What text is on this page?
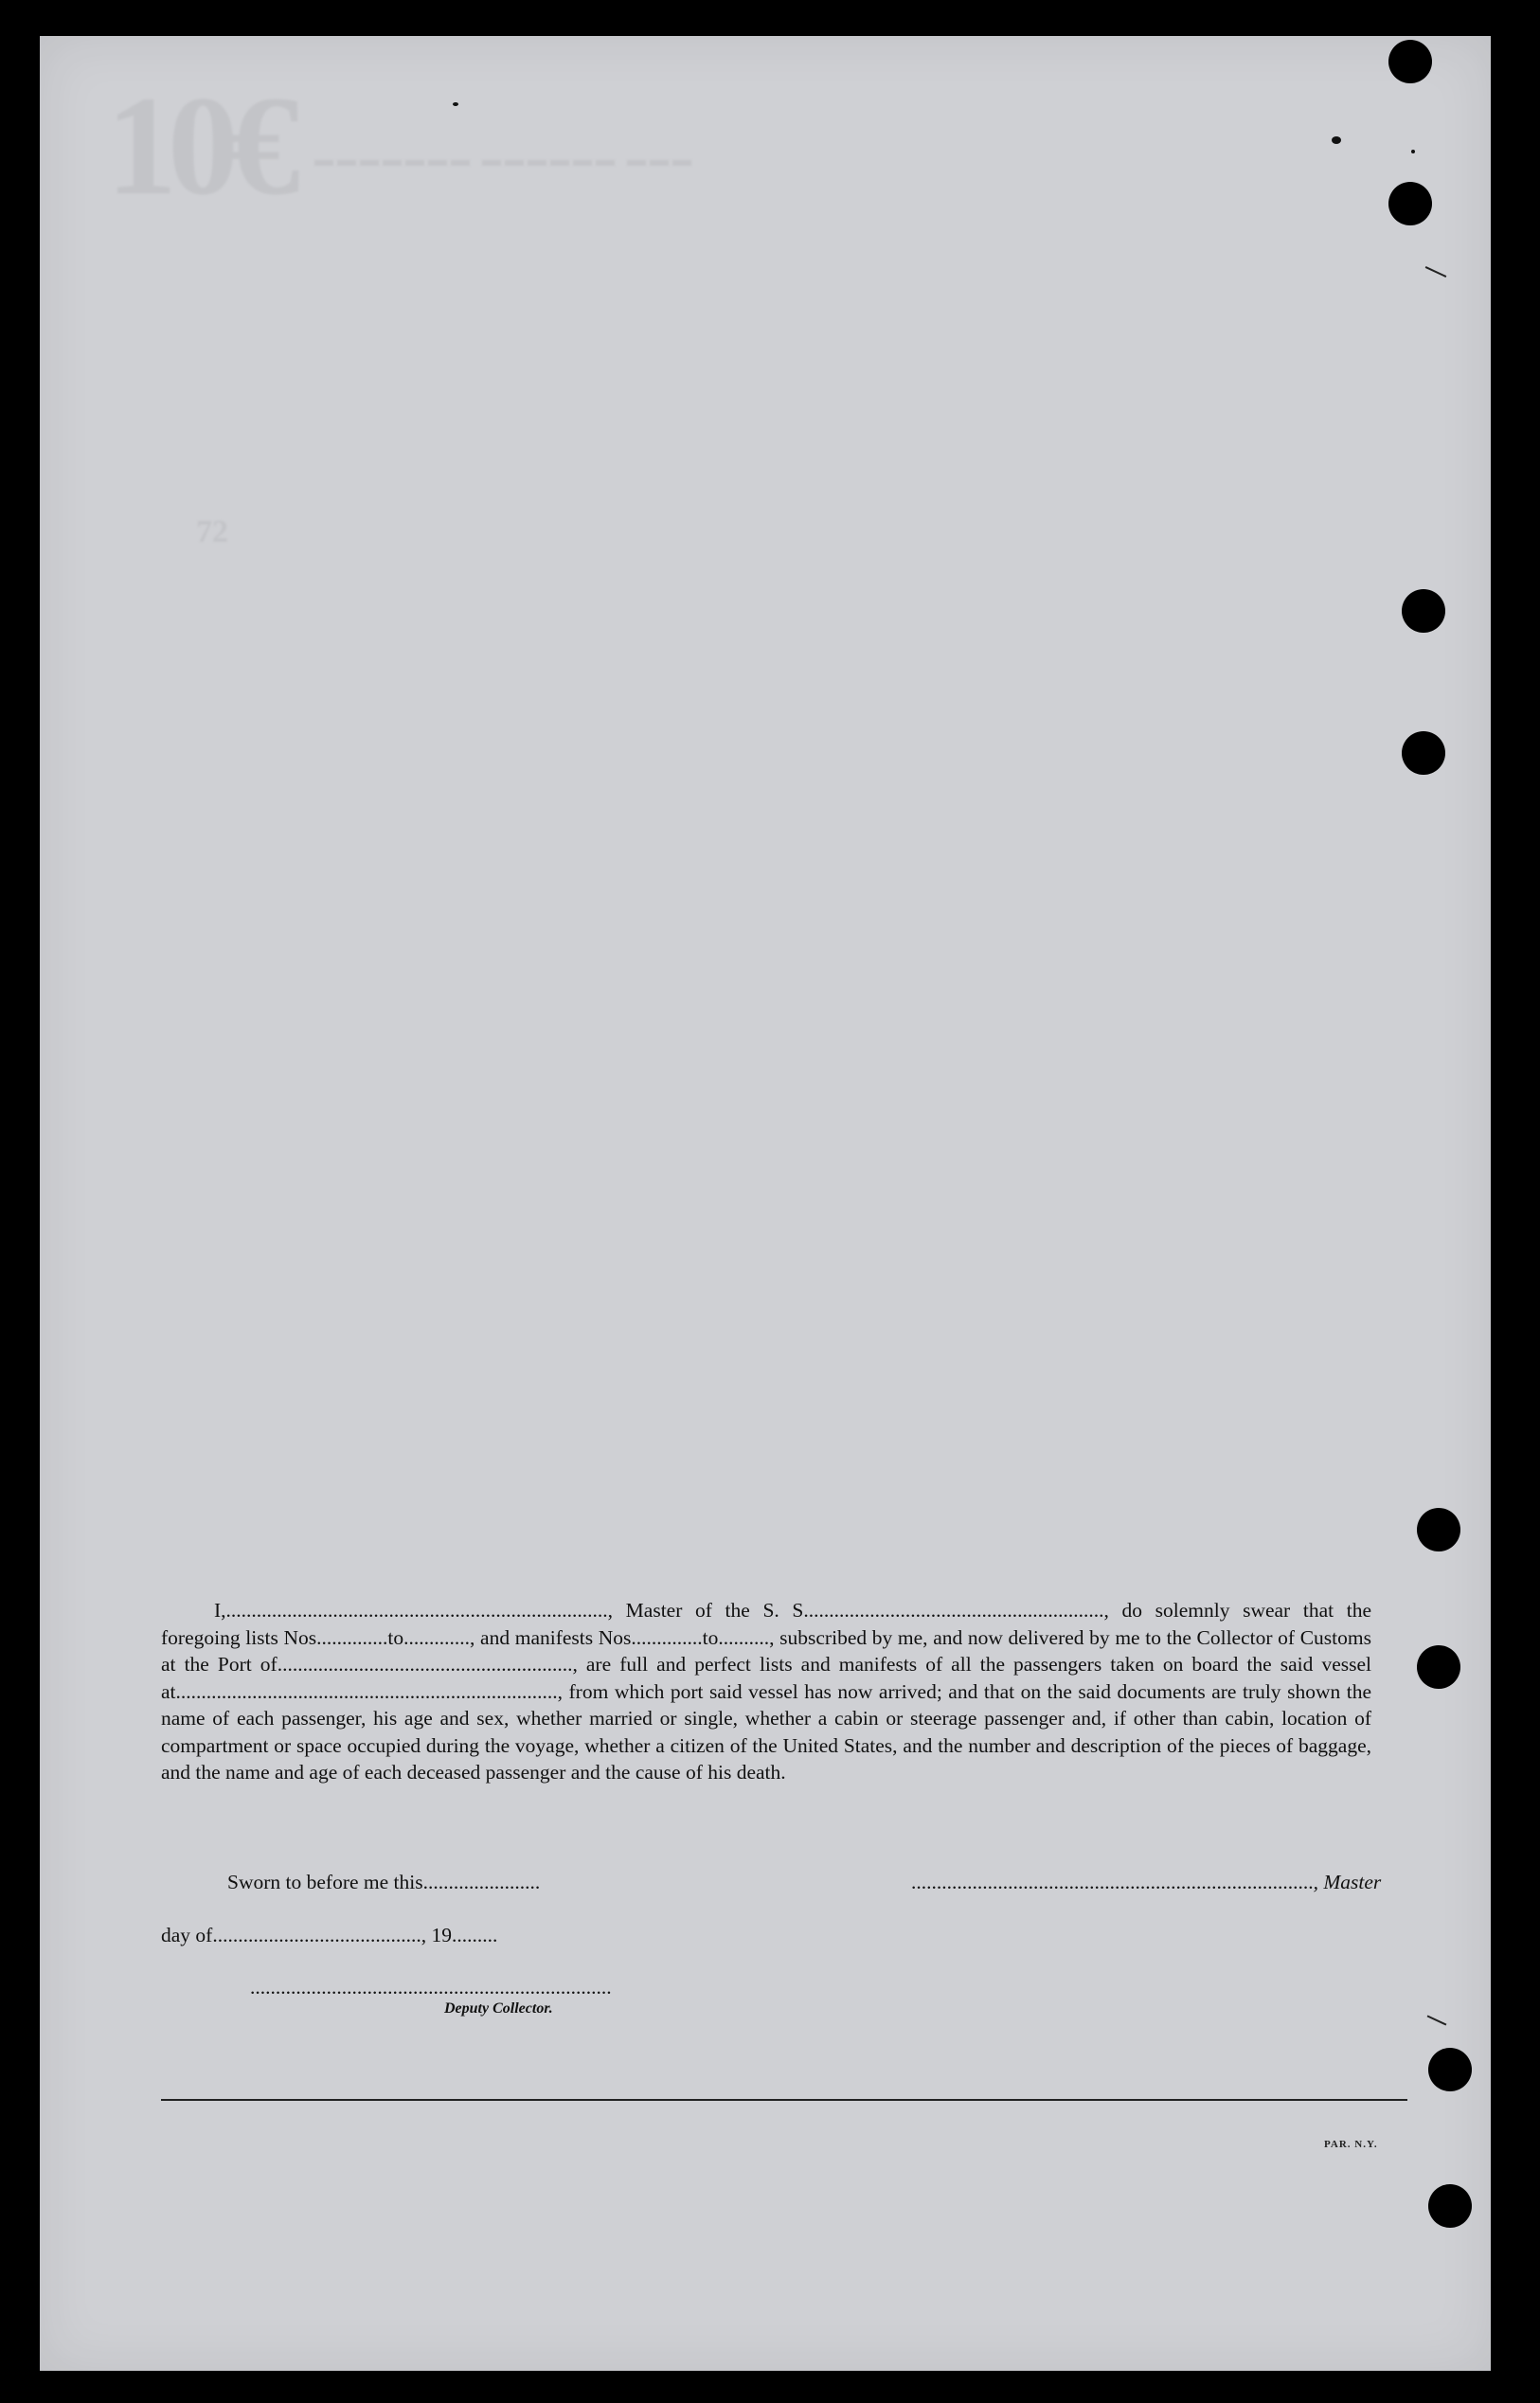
10€ ▬▬▬▬▬▬▬ ▬▬▬▬▬▬ ▬▬▬
72

I,..........................................................................., Master of the S. S..........................................................., do solemnly swear that the foregoing lists Nos..............to............., and manifests Nos..............to.........., subscribed by me, and now delivered by me to the Collector of Customs at the Port of.........................................................., are full and perfect lists and manifests of all the passengers taken on board the said vessel at..........................................................................., from which port said vessel has now arrived; and that on the said documents are truly shown the name of each passenger, his age and sex, whether married or single, whether a cabin or steerage passenger and, if other than cabin, location of compartment or space occupied during the voyage, whether a citizen of the United States, and the number and description of the pieces of baggage, and the name and age of each deceased passenger and the cause of his death.

Sworn to before me this.......................	..............................................................................., Master
day of........................................., 19.........
.......................................................................
Deputy Collector.
PAR. N.Y.
